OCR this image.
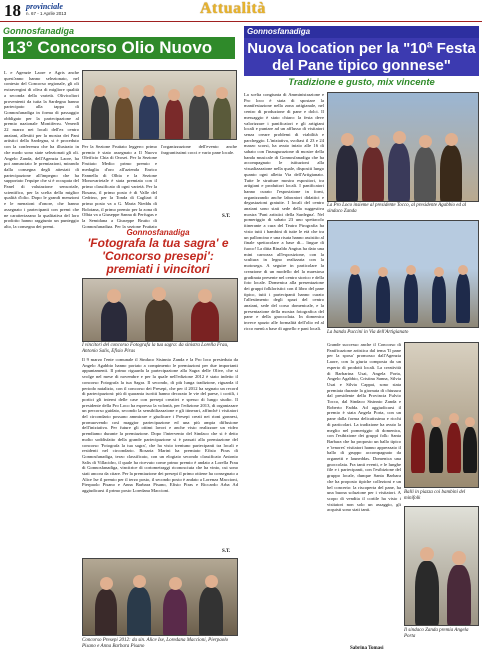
18 provinciale
n. 67 - 1 Aprile 2013	Attualità
Gonnosfanadiga
13° Concorso Olio Nuovo
L e Agenzie Laore e Agris anche quest'anno hanno selezionato, nel contesto del Concorso regionale, gli oli extravergini di oliva di migliore qualità a seconda della varietà. Olivicoltori provenienti da tutta la Sardegna hanno partecipato alla tappa di Gonnosfanadiga in forma di passaggio obbligato per la partecipazione al premio nazionale Montiferru. Venerdì 22 marzo nei locali dell'ex centro anziani, allestiti per la mostra dei Pani artistici della Sardegna, si è proceduto con la conferenza che ha illustrato in che modo sono state selezionati gli oli. Angelo Zanda, dell'Agenzia Laore, ha poi annunciato le premiazioni, mirando dalla consegna degli attestati di partecipazione all'impegno che ha supportato l'equipe che si è occupata del Panel di valutazione sensoriale, scientifico, per la scelta della miglior qualità d'olio. Dopo le grandi menzioni e le menzioni d'onore, che hanno assegnato i partecipanti con premi che ne caratterizzano la qualitativa del loro prodotto hanno raggiunto un punteggio alto, la consegna dei premi.
Per la Sezione Fruttato leggero: primo premio è stato assegnato a Il Nuovo Oleificio Chia di Orosei. Per la Sezione Fruttato Medio: primo premio e medaglia d'oro all'azienda Enrico Fannella di Olbia e la Sezione Monovarietale è stata premiata con il primo classificato di ogni varietà. Per la Bosana, il primo posto è di Valle del Cedrino, per la Tonda di Cagliari il primo posto va a G. Maria Nieddu di Bolotana, il primo premio per la zona di Olbia va a Giuseppe Sanna di Perfugas e la Semidana a Giuseppe Brutto di Gonnosfanadiga. Per la sezione Fruttato
l'organizzazione dell'evento anche fragrantissimi cocci e vario pane locale.
S.T.
Gonnosfanadiga
'Fotografa la tua sagra' e 'Concorso presepi': premiati i vincitori
I vincitori del concorso Fotografa la tua sagra: da sinistra Lorella Frau, Antonio Salis, Efisio Piras
Il 9 marzo l'ente comunale il Sindaco Sisinnio Zanda e la Pro loco presieduta da Angelo Agabbio hanno portato a compimento le premiazioni per due importanti appuntamenti. Il primo riguarda la partecipazione alla Sagra delle Olive, che si svolge nel mese di novembre e per la quale nell'edizione 2012 è stato indetto il concorso Fotografa la tua Sagra. Il secondo, di più lunga tradizione, riguarda il periodo natalizio, con il concorso dei Presepi, che per il 2012 ha segnato un record di partecipazioni: più di quaranta iscritti hanno decorato le vie del paese, i cortili, i portici gli interni delle case con presepi creativi e spesso di lungo studio. Il presidente della Pro Loco ha espresso la volontà, per l'edizione 2013, di organizzare un percorso guidato, secondo la sensibilizzazione e gli itinerari, affinché i visitatori del circondario possano ammirare e giudicare i Presepi creati nei rioni gonnesi, promuovendo così maggior partecipazione ed una più ampia diffusione dell'iniziativa. Per future gli ottimi lavori e anche visto realizzare un video prendiamo durante la premiazione. Dopo l'intervento del Sindaco che si è detto molto soddisfatto della grande partecipazione si è passati alla premiazione del concorso 'Fotografa la tua sagra', che ha visto trentuno partecipanti tra locali e residenti nel circondario. Rosaria Marini ha premiato Efisio Piras di Gonnosfanadiga, terzo classificato, con un elogiato secondo classificato Antonio Salis di Villacidro, il quale ha ricevuto come primo premio è andato a Lorella Frau di Gonnosfanadiga, vincitrice di cortometraggi riconosciuta che ha vinto, cui sono stati ancora da citare. Per la premiazione dei presepi il primo ottiene ha consegnato a Alice Ise il premio per il terzo posto, il secondo posto è andato a Lorenza Maccioni, Pierpaolo Pisano e Anna Barbara Pisano, Efisio Piras e Riccardo Arba Ad aggiudicarsi il primo posto Loredana Maccioni.
S.T.
Concorso Presepi 2012: da sin. Alice Ise, Loredana Maccioni, Pierpaolo Pisano e Anna Barbara Pisano
Gonnosfanadiga
Nuova location per la "10ª Festa del Pane tipico gonnese"
Tradizione e gusto, mix vincente
La scelta congiunta di Amministrazione e Pro loco è stata di spostare la manifestazione nella zona artigianale, nel centro di produzione di pane e dolci. Il messaggio è stato chiaro: la festa deve valorizzare i panificatori e gli artigiani locali e puntare ad un afflusso di visitatori senza creare problemi di viabilità e parcheggio. L'iniziativa, svoltasi il 23 e 24 marzo scorsi, ha avuto inizio alle 16 di sabato con l'inaugurazione di mostre della banda musicale di Gonnosfanadiga che ha accompagnato le istituzioni alla visualizzazione nella quale, dispositi lungo quanto ogni alletta Via dell'Artigianato. Tutte le strutture mostra espositori, tra artigiani e produttori locali. I panificatori hanno curato l'esposizione in forni, organizzando anche laboratori didattici e degustazioni gratuite. I locali del centro anziani sono stati sede della suggestiva mostra 'Pani artistici della Sardegna'. Nel pomeriggio di sabato 23 uno spettacolo itinerante a cura del Teatro Pirografia ha visto tutti i bambini di tutte le età che tra un palloncino e una risata hanno assistito al finale spettacolare a base di... lingue di fuoco! La ditta Rinaldo Angius ha dato una mini carrozza all'esposizione, con la scultura in legno realizzata con la motosega. A seguire in particolare la creazione di un modello del la maestosa gradinata presente nel centro storico e della foto locale. Domenica alla presentazione dei gruppi folkloristici con il libro del pane tipico, tutti i partecipanti hanno curato l'allestimento degli spazi del centro anziani, sede del corso domenicale, e la presentazione della mostra fotografica del pane e della gnoccolata. In domenica invece spazio alle formalità dell'olio ed al ricco menù a base di agnello e pani locali.
La Pro Loco insieme al presidente Tocco, al presidente Agabbio ed al sindaco Zanda
La banda Puccini in Via dell'Artigianato
Grande successo anche il Concorso di Panificazione artistica dal tema 'Il pane per la sposa' promosso dall'Agenzia Laore, con la giuria composta da un esperto di prodotti locali. La creatività di Barbarina Usai, Angela Porta, Angelo Agabbio, Cristina Sanna, Silvia Usai e Silvia Cappai, sono stata premiata durante la giornata di chiusura dal presidente della Provincia Fulvio Tocco, dal Sindaco Sisinnio Zanda e Roberto Fadda. Ad aggiudicarsi il premio è stata Angela Porta, con un pane dalla forma delicatissima e ricchi di particolari. La tradizione ha avuto la meglio nel pomeriggio di domenica, con l'esibizione dei gruppi folk: Santa Barbara che ha proposto un ballo tipico e 'tenores' visitatori hanno apprezzato il ballo di gruppo accompagnato da organetti e launeddas. Domenica una gnoccolata. Fra tanti eventi, e le lunghe file e i partecipanti, con l'esibizione del gruppo locale, dunque Santa Barbara che ha proposto tipiche collezioni e un bel concerto: la riscoperta del pane, ha una buona soluzione per i visitatori. A scopo di vendita il cortile ha visto i visitatori non solo un assaggio, gli acquisti sono stati tanti.
Balli in piazza coi bambini del minifolk
Il sindaco Zanda premia Angela Porta
Sabrina Tomasi
